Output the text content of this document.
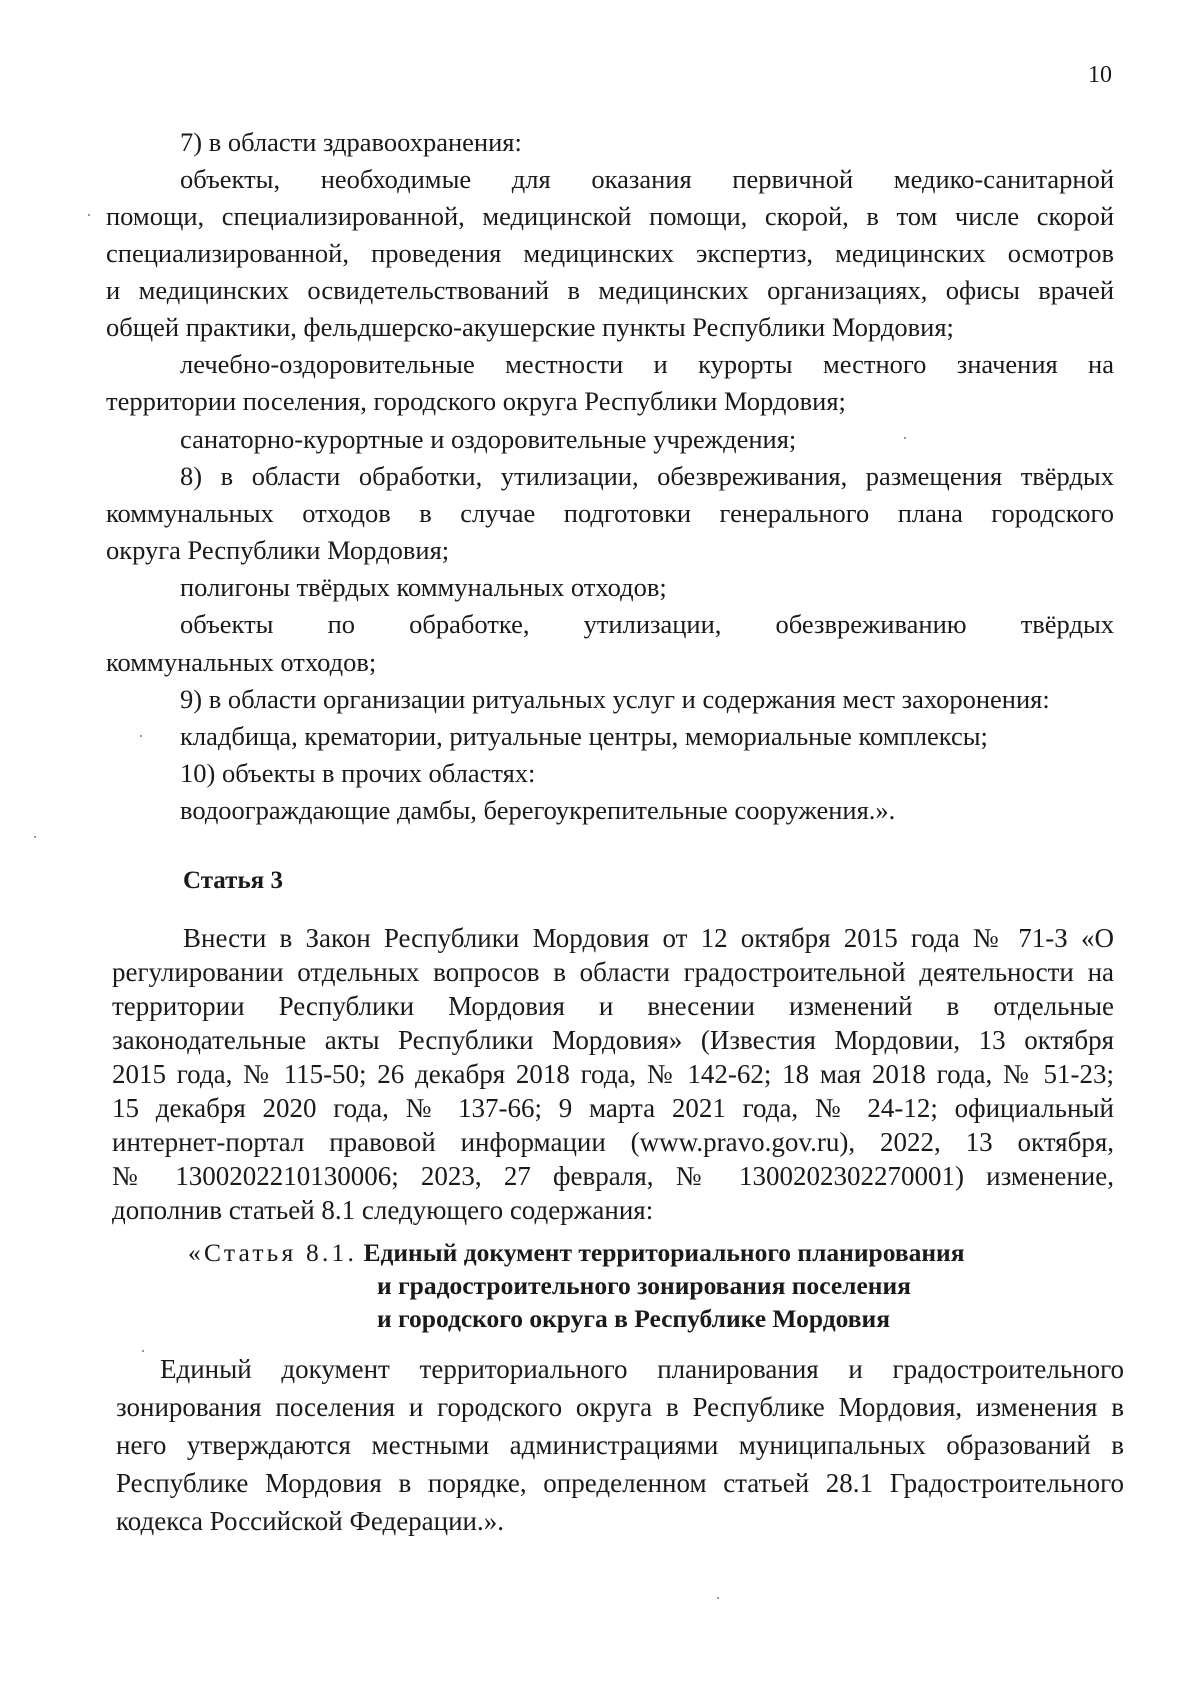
10
7) в области здравоохранения:
объекты, необходимые для оказания первичной медико-санитарной
помощи, специализированной, медицинской помощи, скорой, в том числе скорой
специализированной, проведения медицинских экспертиз, медицинских осмотров
и медицинских освидетельствований в медицинских организациях, офисы врачей
общей практики, фельдшерско-акушерские пункты Республики Мордовия;
лечебно-оздоровительные местности и курорты местного значения на
территории поселения, городского округа Республики Мордовия;
санаторно-курортные и оздоровительные учреждения;
8) в области обработки, утилизации, обезвреживания, размещения твёрдых
коммунальных отходов в случае подготовки генерального плана городского
округа Республики Мордовия;
полигоны твёрдых коммунальных отходов;
объекты по обработке, утилизации, обезвреживанию твёрдых
коммунальных отходов;
9) в области организации ритуальных услуг и содержания мест захоронения:
кладбища, крематории, ритуальные центры, мемориальные комплексы;
10) объекты в прочих областях:
водоограждающие дамбы, берегоукрепительные сооружения.».
Статья 3
Внести в Закон Республики Мордовия от 12 октября 2015 года № 71-З «О
регулировании отдельных вопросов в области градостроительной деятельности на
территории Республики Мордовия и внесении изменений в отдельные
законодательные акты Республики Мордовия» (Известия Мордовии, 13 октября
2015 года, № 115-50; 26 декабря 2018 года, № 142-62; 18 мая 2018 года, № 51-23;
15 декабря 2020 года, № 137-66; 9 марта 2021 года, № 24-12; официальный
интернет-портал правовой информации (www.pravo.gov.ru), 2022, 13 октября,
№ 1300202210130006; 2023, 27 февраля, № 1300202302270001) изменение,
дополнив статьей 8.1 следующего содержания:
«Статья 8.1. Единый документ территориального планирования
и градостроительного зонирования поселения
и городского округа в Республике Мордовия
Единый документ территориального планирования и градостроительного
зонирования поселения и городского округа в Республике Мордовия, изменения в
него утверждаются местными администрациями муниципальных образований в
Республике Мордовия в порядке, определенном статьей 28.1 Градостроительного
кодекса Российской Федерации.».
